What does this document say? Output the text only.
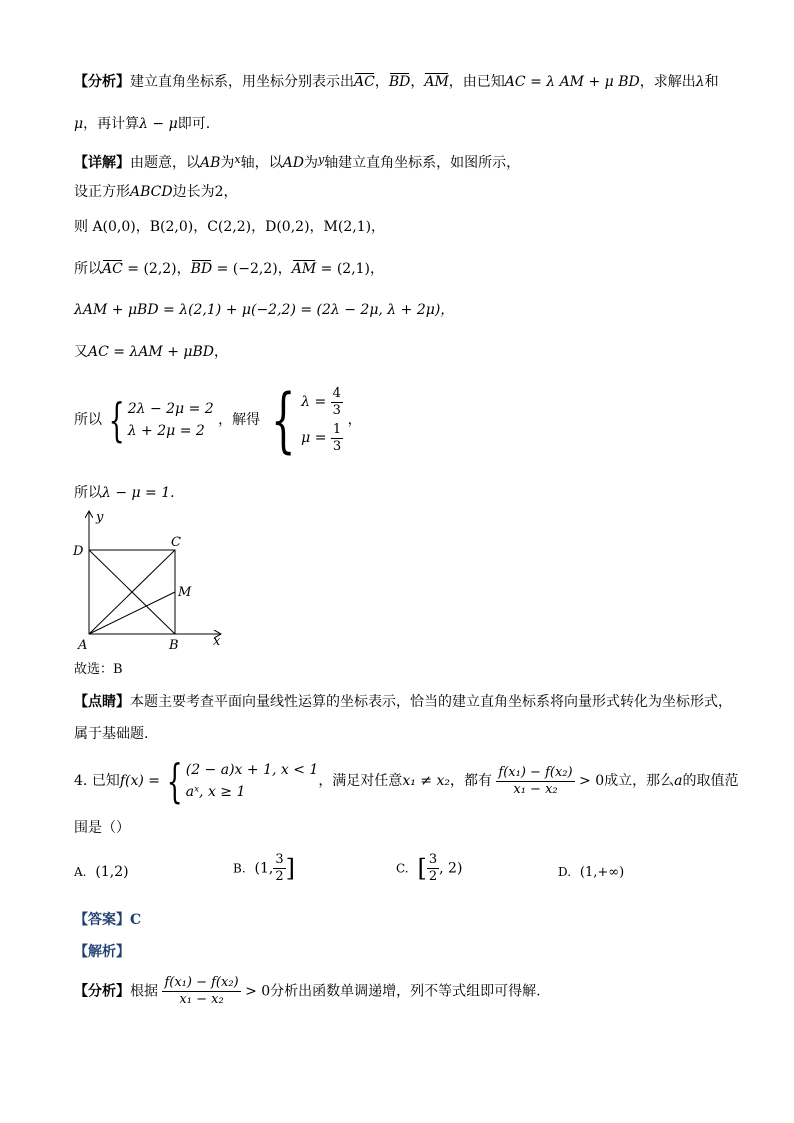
【分析】建立直角坐标系，用坐标分别表示出AC，BD，AM，由已知AC = λ AM + μ BD，求解出λ和
μ，再计算λ − μ即可.
【详解】由题意，以AB为$^x$轴，以AD为$^y$轴建立直角坐标系，如图所示，
设正方形ABCD边长为2，
则 A(0,0)，B(2,0)，C(2,2)，D(0,2)，M(2,1)，
所以AC = (2,2)，BD = (−2,2)，AM = (2,1)，
λAM + μBD = λ(2,1) + μ(−2,2) = (2λ − 2μ, λ + 2μ)，
又AC = λAM + μBD，
所以 { 2λ − 2μ = 2
λ + 2μ = 2
，解得 { $\lambda = \frac{4}{3}$
$\mu = \frac{1}{3}$
，
所以λ − μ = 1.
y
x
A	B
C
D
M
故选：B
【点睛】本题主要考查平面向量线性运算的坐标表示，恰当的建立直角坐标系将向量形式转化为坐标形式，
属于基础题.
4. 已知f(x) = { (2 − a)x + 1, x < 1
aˣ, x ≥ 1
，满足对任意x₁ ≠ x₂，都有 $\frac{\text{f(x₁) − f(x₂)}}{\text{x₁ − x₂}} > 0$成立，那么a的取值范
围是（）
A. (1,2)	B. (1, $\frac{3}{2}$ ]	C. [ $\frac{3}{2}$ , 2)	D. (1,+∞)
【答案】C
【解析】
【分析】根据 $\frac{\text{f(x₁) − f(x₂)}}{\text{x₁ − x₂}} > 0$分析出函数单调递增，列不等式组即可得解.
